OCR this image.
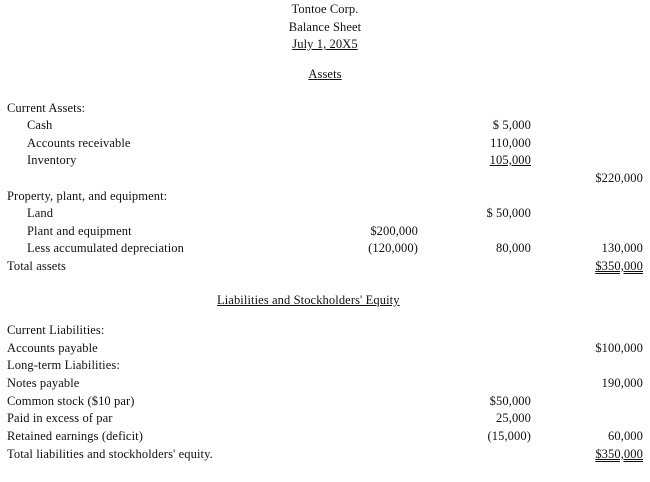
Tontoe Corp.
Balance Sheet
July 1, 20X5
Assets
Current Assets:
Cash	$ 5,000
Accounts receivable	110,000
Inventory	105,000
$220,000
Property, plant, and equipment:
Land	$ 50,000
Plant and equipment	$200,000
Less accumulated depreciation	(120,000)	80,000	130,000
Total assets	$350,000
Liabilities and Stockholders' Equity
Current Liabilities:
Accounts payable	$100,000
Long-term Liabilities:
Notes payable	190,000
Common stock ($10 par)	$50,000
Paid in excess of par	25,000
Retained earnings (deficit)	(15,000)	60,000
Total liabilities and stockholders' equity.	$350,000
